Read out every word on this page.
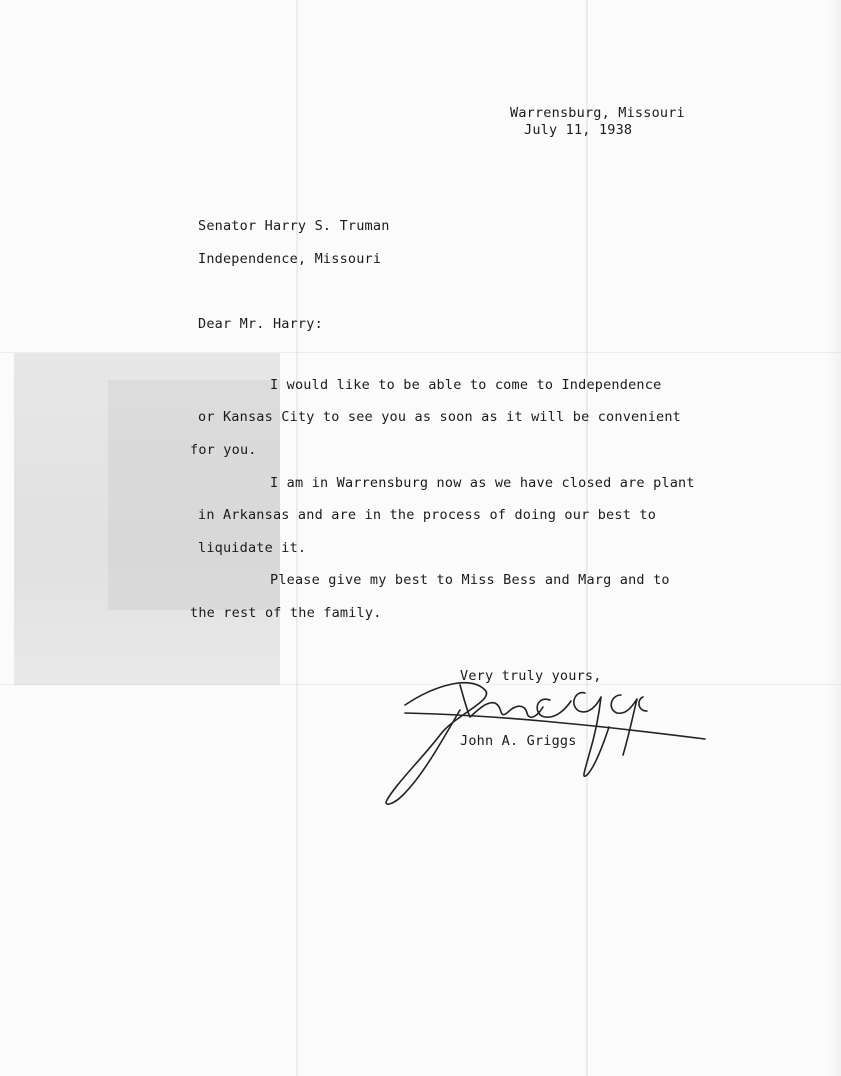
Warrensburg, Missouri
July 11, 1938
Senator Harry S. Truman
Independence, Missouri
Dear Mr. Harry:
I would like to be able to come to Independence
or Kansas City to see you as soon as it will be convenient
for you.
I am in Warrensburg now as we have closed are plant
in Arkansas and are in the process of doing our best to
liquidate it.
Please give my best to Miss Bess and Marg and to
the rest of the family.
Very truly yours,
John A. Griggs
